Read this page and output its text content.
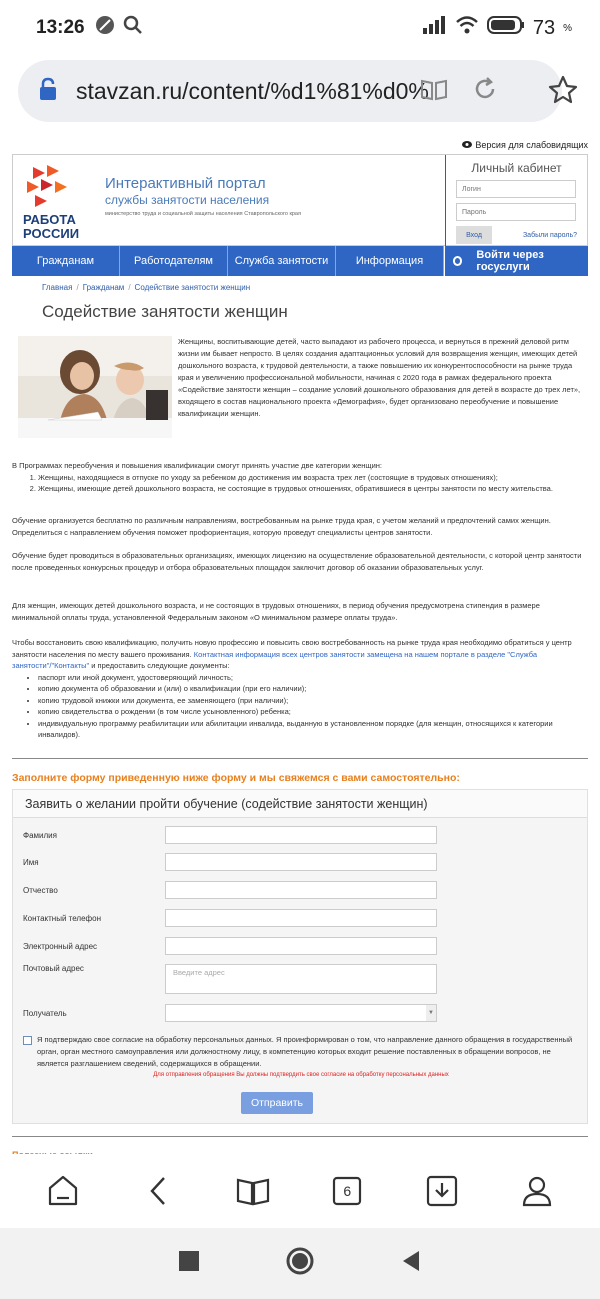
13:26	73 %
stavzan.ru/content/%d1%81%d0%
Версия для слабовидящих
РАБОТА
РОССИИ
Интерактивный портал
службы занятости населения
министерство труда и социальной защиты населения Ставропольского края
Личный кабинет
Логин
Пароль
Вход	Забыли пароль?
Гражданам	Работодателям	Служба занятости	Информация	Войти через госуслуги
Главная / Гражданам / Содействие занятости женщин
Содействие занятости женщин
Женщины, воспитывающие детей, часто выпадают из рабочего процесса, и вернуться в прежний деловой ритм жизни им бывает непросто. В целях создания адаптационных условий для возвращения женщин, имеющих детей дошкольного возраста, к трудовой деятельности, а также повышению их конкурентоспособности на рынке труда края и увеличению профессиональной мобильности, начиная с 2020 года в рамках федерального проекта «Содействие занятости женщин – создание условий дошкольного образования для детей в возрасте до трех лет», входящего в состав национального проекта «Демография», будет организовано переобучение и повышение квалификации женщин.
В Программах переобучения и повышения квалификации смогут принять участие две категории женщин:
1. Женщины, находящиеся в отпуске по уходу за ребенком до достижения им возраста трех лет (состоящие в трудовых отношениях);
2. Женщины, имеющие детей дошкольного возраста, не состоящие в трудовых отношениях, обратившиеся в центры занятости по месту жительства.
Обучение организуется бесплатно по различным направлениям, востребованным на рынке труда края, с учетом желаний и предпочтений самих женщин. Определиться с направлением обучения поможет профориентация, которую проведут специалисты центров занятости.
Обучение будет проводиться в образовательных организациях, имеющих лицензию на осуществление образовательной деятельности, с которой центр занятости после проведенных конкурсных процедур и отбора образовательных площадок заключит договор об оказании образовательных услуг.
Для женщин, имеющих детей дошкольного возраста, и не состоящих в трудовых отношениях, в период обучения предусмотрена стипендия в размере минимальной оплаты труда, установленной Федеральным законом «О минимальном размере оплаты труда».
Чтобы восстановить свою квалификацию, получить новую профессию и повысить свою востребованность на рынке труда края необходимо обратиться у центр занятости населения по месту вашего проживания. Контактная информация всех центров занятости замещена на нашем портале в разделе "Служба занятости"/"Контакты" и предоставить следующие документы:
• паспорт или иной документ, удостоверяющий личность;
• копию документа об образовании и (или) о квалификации (при его наличии);
• копию трудовой книжки или документа, ее заменяющего (при наличии);
• копию свидетельства о рождении (в том числе усыновленного) ребенка;
• индивидуальную программу реабилитации или абилитации инвалида, выданную в установленном порядке (для женщин, относящихся к категории инвалидов).
Заполните форму приведенную ниже форму и мы свяжемся с вами самостоятельно:
Заявить о желании пройти обучение (содействие занятости женщин)
Фамилия
Имя
Отчество
Контактный телефон
Электронный адрес
Почтовый адрес	Введите адрес
Получатель	▼
Я подтверждаю свое согласие на обработку персональных данных. Я проинформирован о том, что направление данного обращения в государственный орган, орган местного самоуправления или должностному лицу, в компетенцию которых входит решение поставленных в обращении вопросов, не является разглашением сведений, содержащихся в обращении.
Для отправления обращения Вы должны подтвердить свое согласие на обработку персональных данных
Отправить
6
